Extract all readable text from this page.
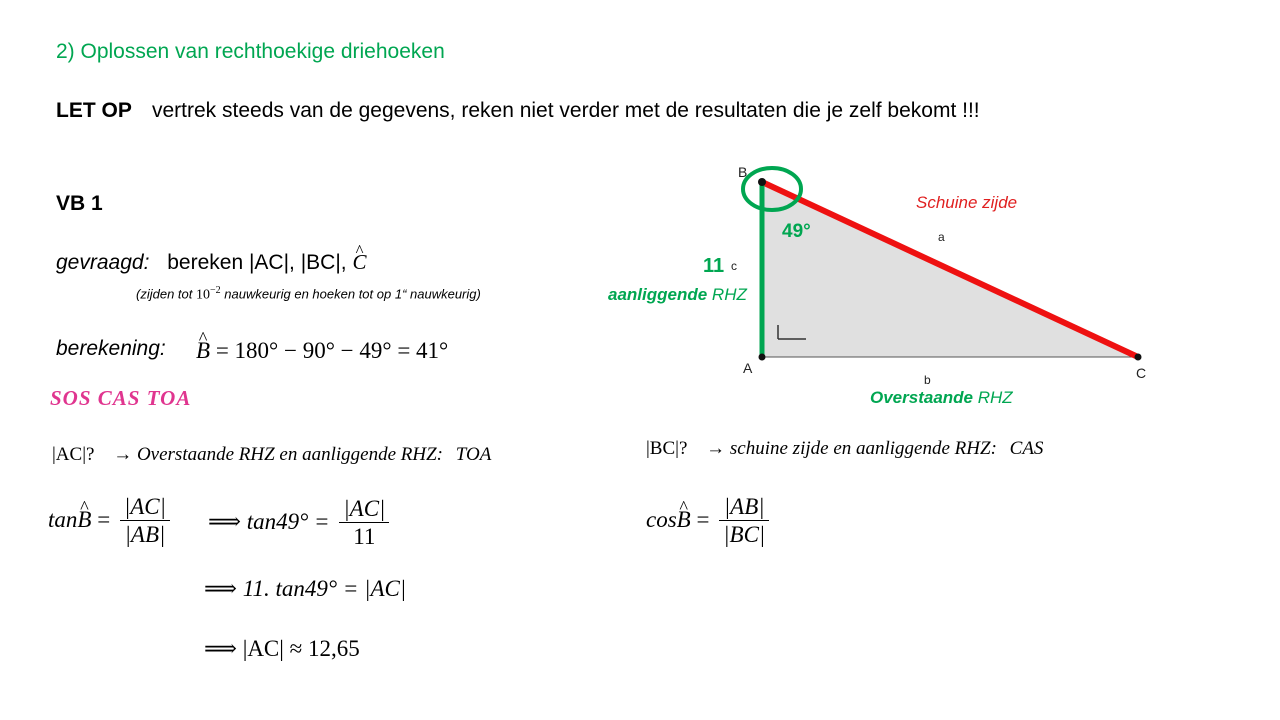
2) Oplossen van rechthoekige driehoeken
LET OP vertrek steeds van de gegevens, reken niet verder met de resultaten die je zelf bekomt !!!
VB 1
gevraagd: bereken |AC|, |BC|, ^ C
(zijden tot $10^{-2}$ nauwkeurig en hoeken tot op 1“ nauwkeurig)
berekening: ^ B = 180° − 90° − 49° = 41°
SOS CAS TOA
|AC|? → Overstaande RHZ en aanliggende RHZ: TOA
tan^ $B = \frac{|AC|}{|AB|}$ ⟹ $\tan 49^\circ = \frac{|AC|}{11}$
⟹ 11. tan49° = |AC|
⟹ |AC| ≈ 12,65
|BC|? → schuine zijde en aanliggende RHZ: CAS
cos^ $B = \frac{|AB|}{|BC|}$
B
A	C
a
b
c
49°
11
Schuine zijde
aanliggende RHZ
Overstaande RHZ
